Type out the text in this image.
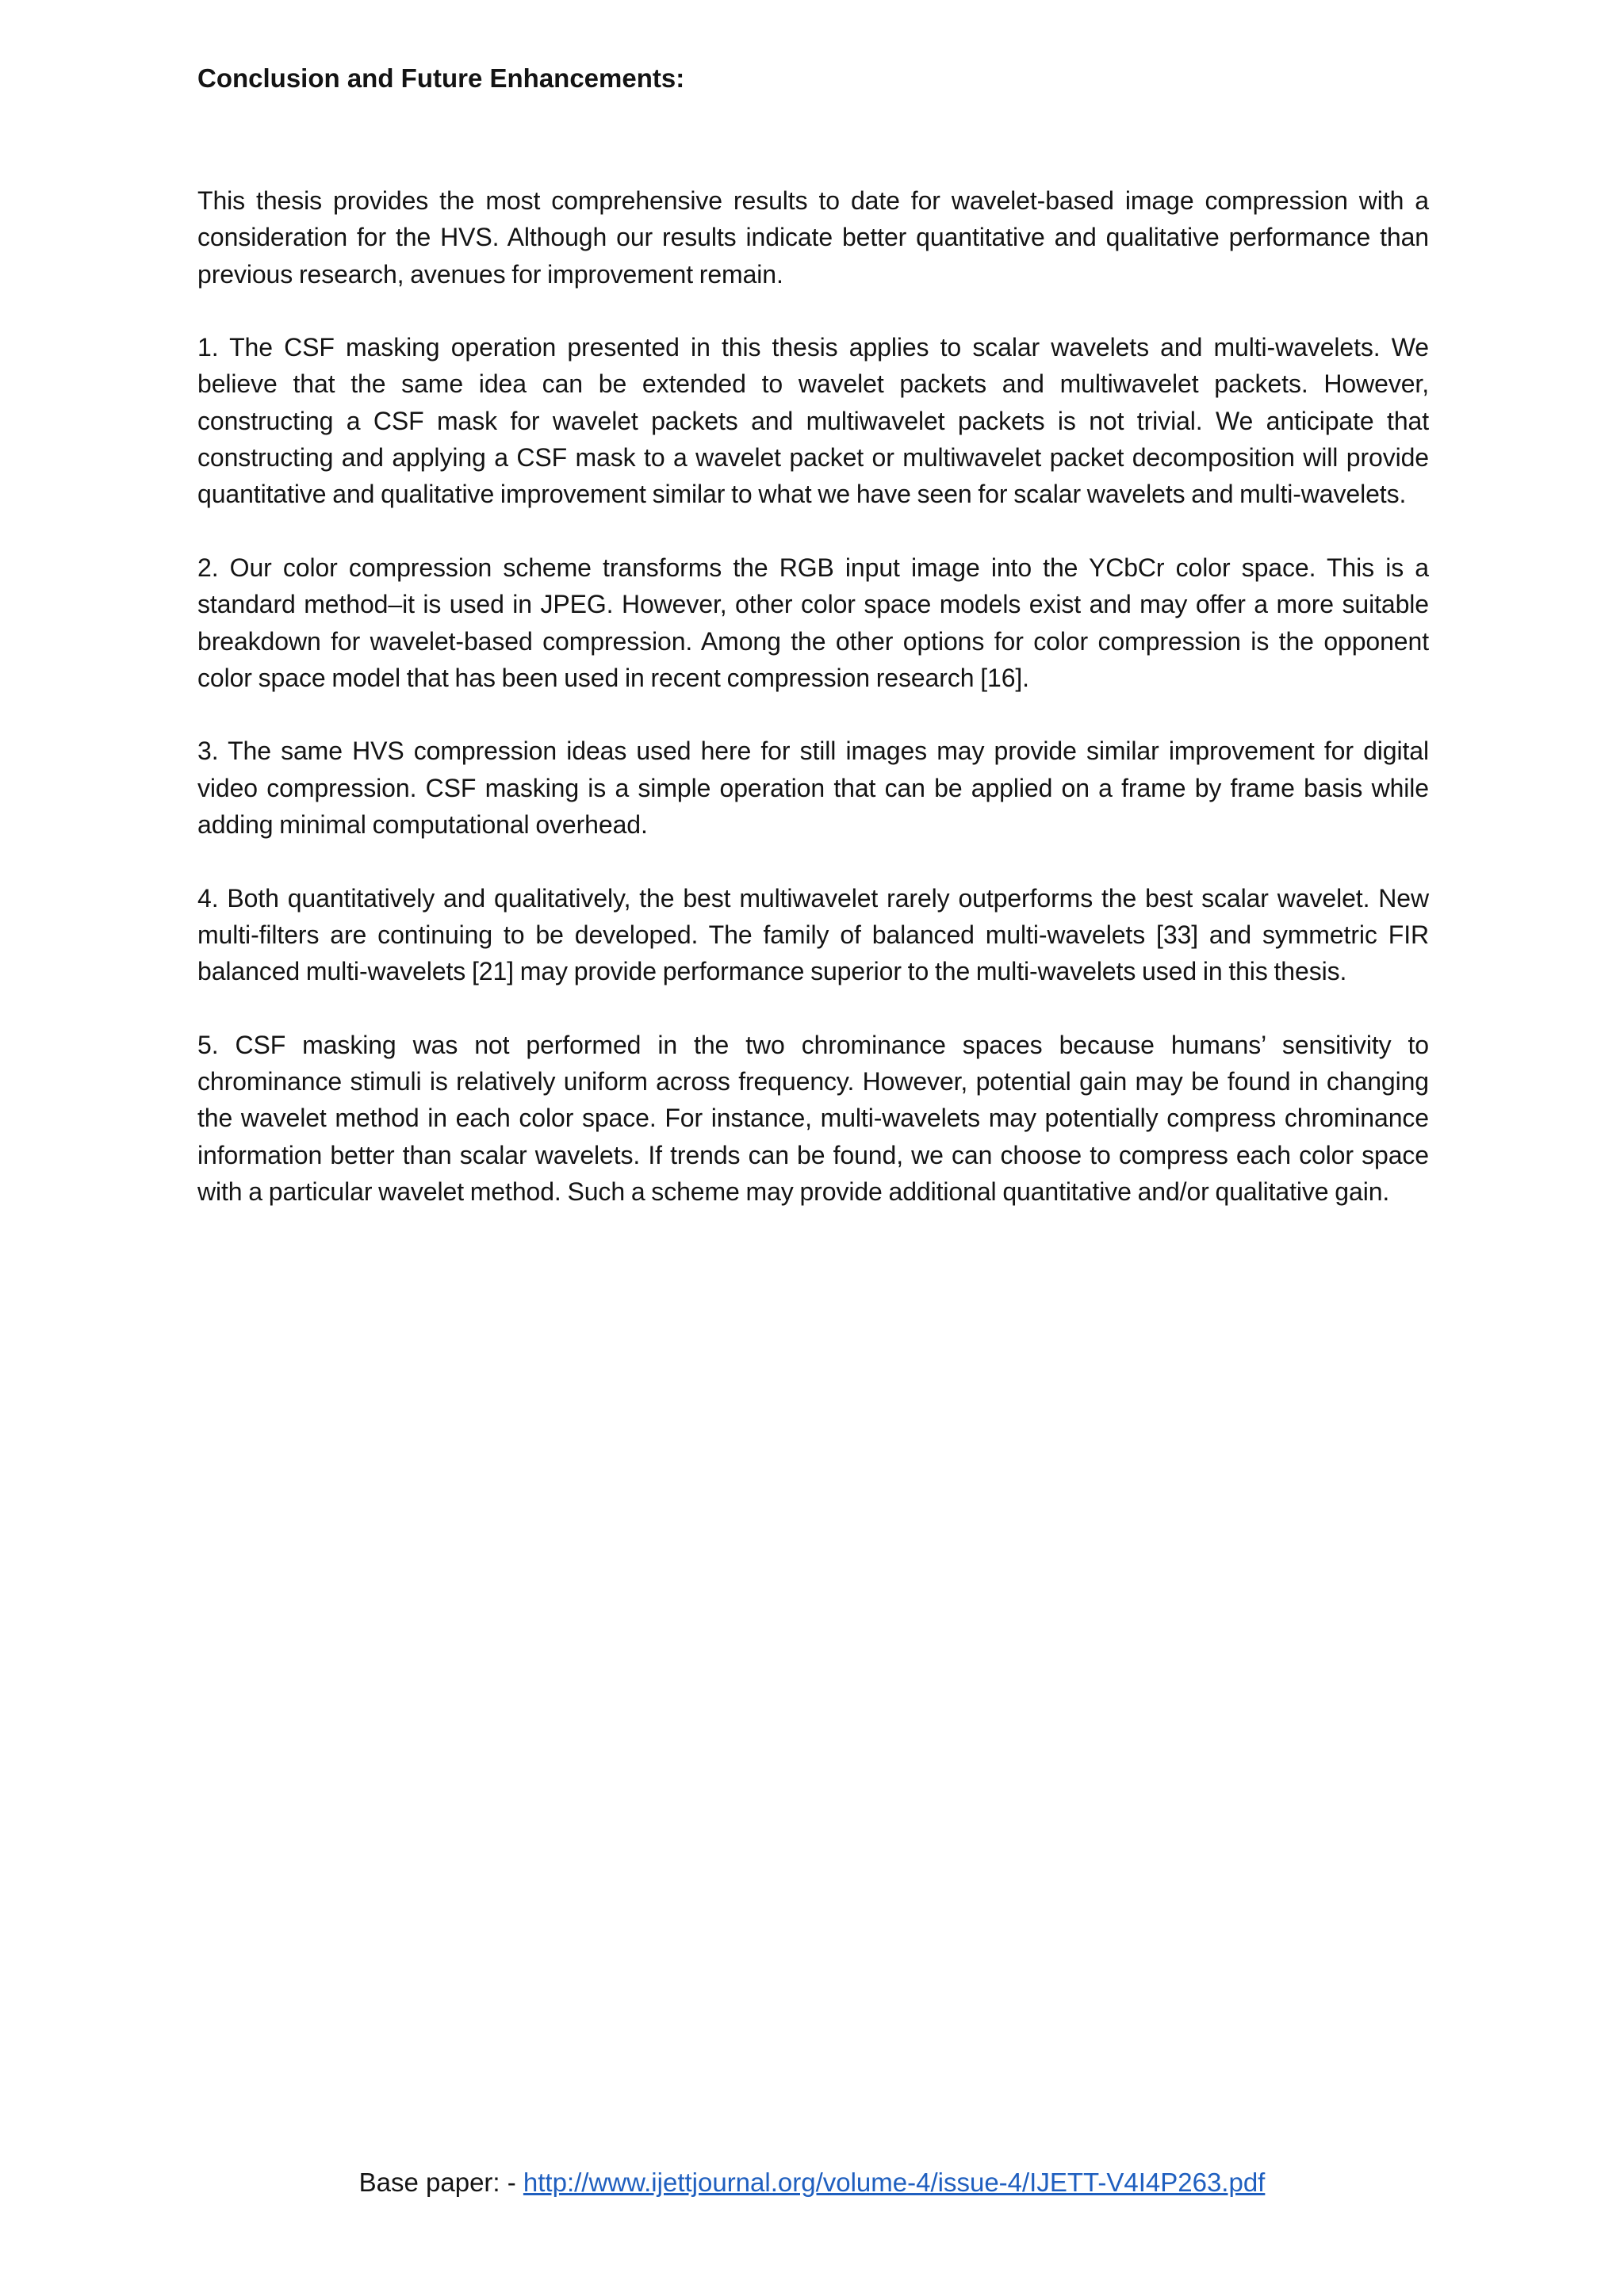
Conclusion and Future Enhancements:

This thesis provides the most comprehensive results to date for wavelet-based image compression with a consideration for the HVS. Although our results indicate better quantitative and qualitative performance than previous research, avenues for improvement remain.

1. The CSF masking operation presented in this thesis applies to scalar wavelets and multi-wavelets. We believe that the same idea can be extended to wavelet packets and multiwavelet packets. However, constructing a CSF mask for wavelet packets and multiwavelet packets is not trivial. We anticipate that constructing and applying a CSF mask to a wavelet packet or multiwavelet packet decomposition will provide quantitative and qualitative improvement similar to what we have seen for scalar wavelets and multi-wavelets.

2. Our color compression scheme transforms the RGB input image into the YCbCr color space. This is a standard method–it is used in JPEG. However, other color space models exist and may offer a more suitable breakdown for wavelet-based compression. Among the other options for color compression is the opponent color space model that has been used in recent compression research [16].

3. The same HVS compression ideas used here for still images may provide similar improvement for digital video compression. CSF masking is a simple operation that can be applied on a frame by frame basis while adding minimal computational overhead.

4. Both quantitatively and qualitatively, the best multiwavelet rarely outperforms the best scalar wavelet. New multi-filters are continuing to be developed. The family of balanced multi-wavelets [33] and symmetric FIR balanced multi-wavelets [21] may provide performance superior to the multi-wavelets used in this thesis.

5. CSF masking was not performed in the two chrominance spaces because humans’ sensitivity to chrominance stimuli is relatively uniform across frequency. However, potential gain may be found in changing the wavelet method in each color space. For instance, multi-wavelets may potentially compress chrominance information better than scalar wavelets. If trends can be found, we can choose to compress each color space with a particular wavelet method. Such a scheme may provide additional quantitative and/or qualitative gain.

Base paper: - http://www.ijettjournal.org/volume-4/issue-4/IJETT-V4I4P263.pdf
